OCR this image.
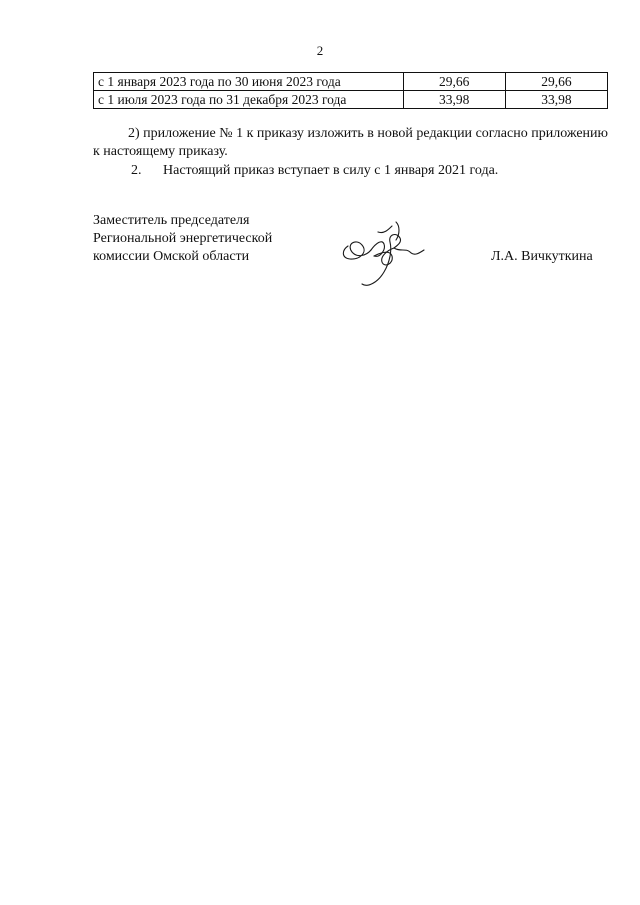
2
с 1 января 2023 года по 30 июня 2023 года	29,66	29,66
с 1 июля 2023 года по 31 декабря 2023 года	33,98	33,98
2) приложение № 1 к приказу изложить в новой редакции согласно приложению к настоящему приказу.
2. Настоящий приказ вступает в силу с 1 января 2021 года.
Заместитель председателя
Региональной энергетической
комиссии Омской области	Л.А. Вичкуткина
